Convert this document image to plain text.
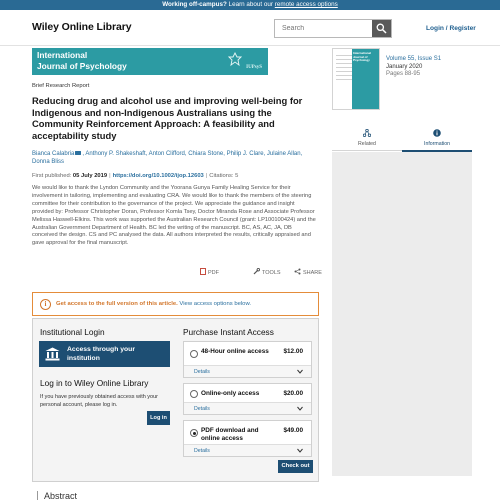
Working off-campus? Learn about our remote access options
Wiley Online Library
Search	Login / Register
International
Journal of Psychology	IUPsyS
Brief Research Report
Reducing drug and alcohol use and improving well-being for Indigenous and non-Indigenous Australians using the Community Reinforcement Approach: A feasibility and acceptability study
Bianca Calabria , Anthony P. Shakeshaft, Anton Clifford, Chiara Stone, Philip J. Clare, Julaine Allan, Donna Bliss
First published: 05 July 2019 | https://doi.org/10.1002/ijop.12603 | Citations: 5
We would like to thank the Lyndon Community and the Yoorana Gunya Family Healing Service for their involvement in tailoring, implementing and evaluating CRA. We would like to thank the members of the steering committee for their contribution to the governance of the project. We appreciate the guidance and insight provided by: Professor Christopher Doran, Professor Komla Tsey, Doctor Miranda Rose and Associate Professor Melissa Haswell-Elkins. This work was supported the Australian Research Council (grant: LP100100424) and the Australian Government Department of Health. BC led the writing of the manuscript. BC, AS, AC, JA, DB conceived the design. CS and PC analysed the data. All authors interpreted the results, critically appraised and gave approval for the final manuscript.
PDF	TOOLS	SHARE
i	Get access to the full version of this article. View access options below.
Institutional Login
Access through your institution
Log in to Wiley Online Library
If you have previously obtained access with your personal account, please log in.
Log in
Purchase Instant Access
48-Hour online access	$12.00
Details
Online-only access	$20.00
Details
PDF download and online access
$49.00
Details
Check out
Abstract
International Journal of Psychology	Volume 55, Issue S1
January 2020
Pages 88-95
Related	Information
